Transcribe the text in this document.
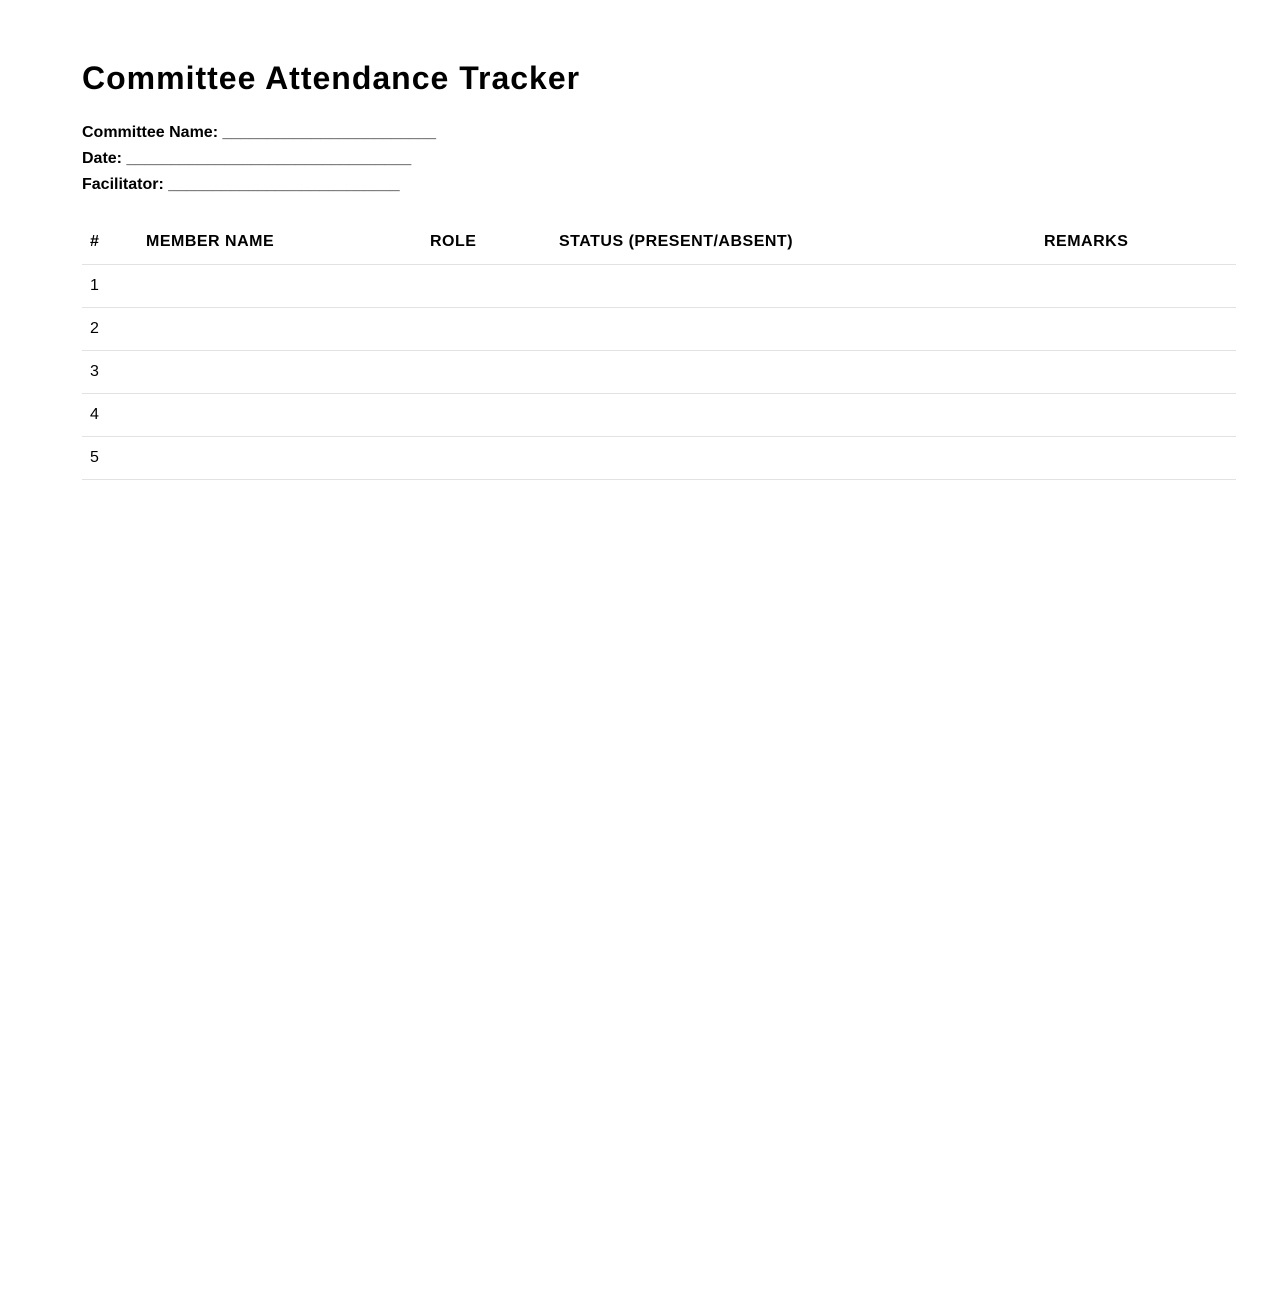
Committee Attendance Tracker
Committee Name: ________________________
Date: ________________________________
Facilitator: __________________________
#	MEMBER NAME	ROLE	STATUS (PRESENT/ABSENT)	REMARKS
1				
2				
3				
4				
5				
